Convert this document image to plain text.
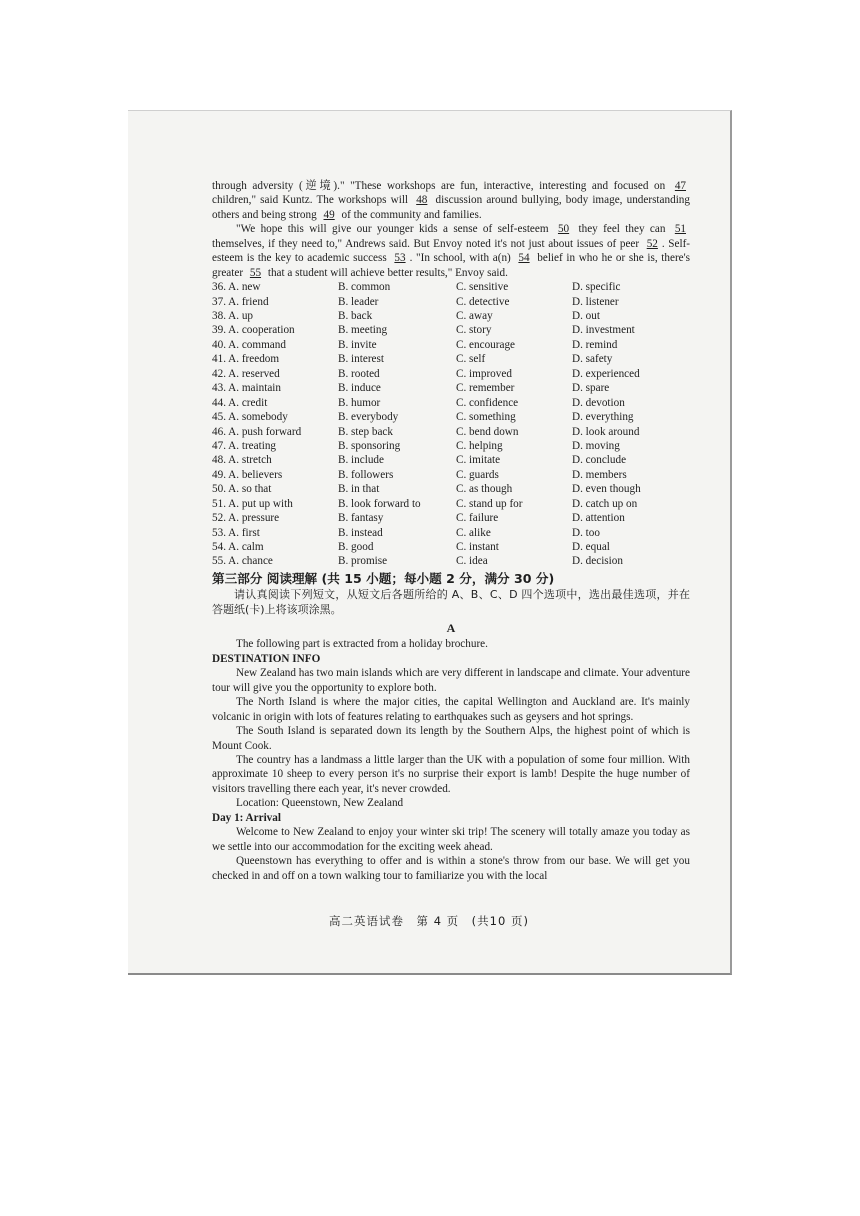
through adversity (逆境)." "These workshops are fun, interactive, interesting and focused on 47 children," said Kuntz. The workshops will 48 discussion around bullying, body image, understanding others and being strong 49 of the community and families.

"We hope this will give our younger kids a sense of self-esteem 50 they feel they can 51 themselves, if they need to," Andrews said. But Envoy noted it's not just about issues of peer 52 . Self-esteem is the key to academic success 53 . "In school, with a(n) 54 belief in who he or she is, there's greater 55 that a student will achieve better results," Envoy said.

36. A. new	B. common	C. sensitive	D. specific
37. A. friend	B. leader	C. detective	D. listener
38. A. up	B. back	C. away	D. out
39. A. cooperation	B. meeting	C. story	D. investment
40. A. command	B. invite	C. encourage	D. remind
41. A. freedom	B. interest	C. self	D. safety
42. A. reserved	B. rooted	C. improved	D. experienced
43. A. maintain	B. induce	C. remember	D. spare
44. A. credit	B. humor	C. confidence	D. devotion
45. A. somebody	B. everybody	C. something	D. everything
46. A. push forward	B. step back	C. bend down	D. look around
47. A. treating	B. sponsoring	C. helping	D. moving
48. A. stretch	B. include	C. imitate	D. conclude
49. A. believers	B. followers	C. guards	D. members
50. A. so that	B. in that	C. as though	D. even though
51. A. put up with	B. look forward to	C. stand up for	D. catch up on
52. A. pressure	B. fantasy	C. failure	D. attention
53. A. first	B. instead	C. alike	D. too
54. A. calm	B. good	C. instant	D. equal
55. A. chance	B. promise	C. idea	D. decision

第三部分 阅读理解 (共 15 小题；每小题 2 分，满分 30 分)

请认真阅读下列短文，从短文后各题所给的 A、B、C、D 四个选项中，选出最佳选项，并在答题纸(卡)上将该项涂黑。

A

The following part is extracted from a holiday brochure.

DESTINATION INFO

New Zealand has two main islands which are very different in landscape and climate. Your adventure tour will give you the opportunity to explore both.

The North Island is where the major cities, the capital Wellington and Auckland are. It's mainly volcanic in origin with lots of features relating to earthquakes such as geysers and hot springs.

The South Island is separated down its length by the Southern Alps, the highest point of which is Mount Cook.

The country has a landmass a little larger than the UK with a population of some four million. With approximate 10 sheep to every person it's no surprise their export is lamb! Despite the huge number of visitors travelling there each year, it's never crowded.

Location: Queenstown, New Zealand

Day 1: Arrival

Welcome to New Zealand to enjoy your winter ski trip! The scenery will totally amaze you today as we settle into our accommodation for the exciting week ahead.

Queenstown has everything to offer and is within a stone's throw from our base. We will get you checked in and off on a town walking tour to familiarize you with the local

高二英语试卷　第 4 页　(共10 页)
